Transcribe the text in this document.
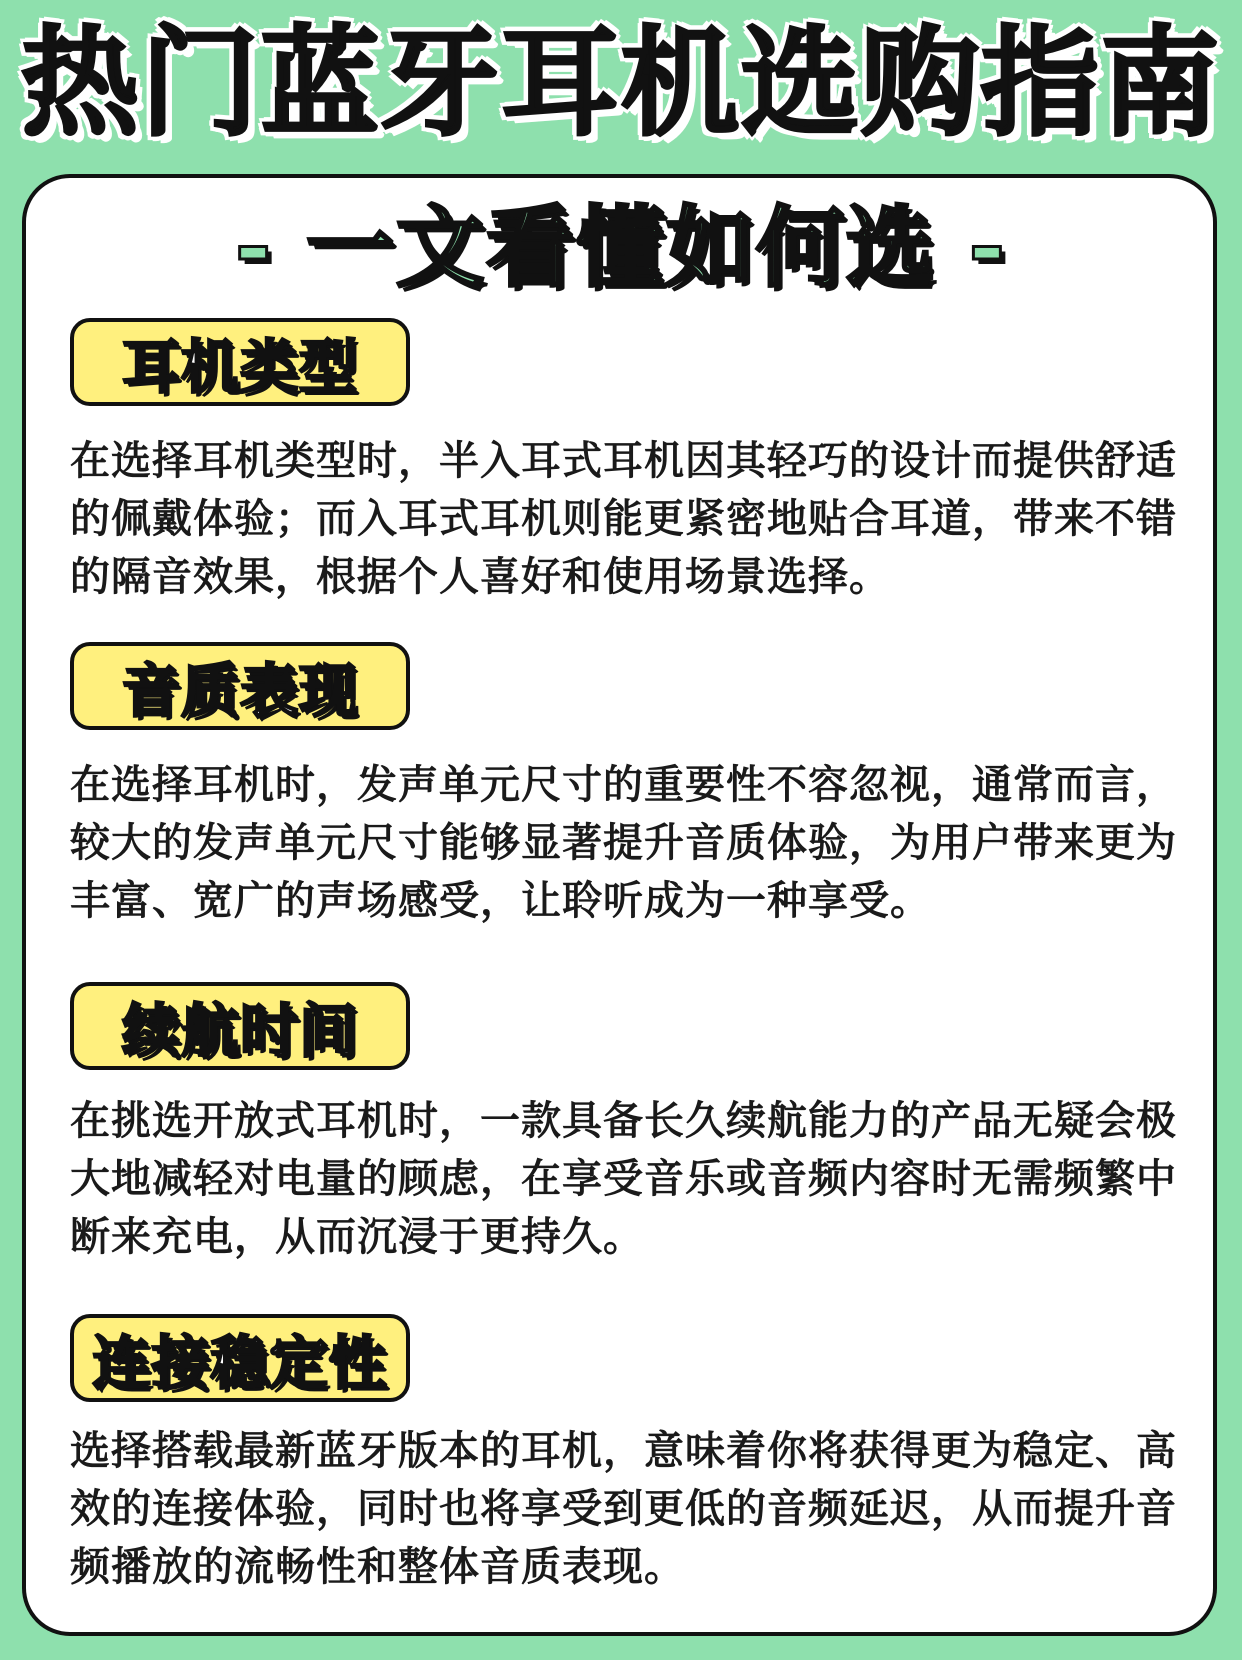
热门蓝牙耳机选购指南
- 一文看懂如何选 -
耳机类型

在选择耳机类型时，半入耳式耳机因其轻巧的设计而提供舒适的佩戴体验；而入耳式耳机则能更紧密地贴合耳道，带来不错的隔音效果，根据个人喜好和使用场景选择。

音质表现

在选择耳机时，发声单元尺寸的重要性不容忽视，通常而言，较大的发声单元尺寸能够显著提升音质体验，为用户带来更为丰富、宽广的声场感受，让聆听成为一种享受。

续航时间

在挑选开放式耳机时，一款具备长久续航能力的产品无疑会极大地减轻对电量的顾虑，在享受音乐或音频内容时无需频繁中断来充电，从而沉浸于更持久。

连接稳定性

选择搭载最新蓝牙版本的耳机，意味着你将获得更为稳定、高效的连接体验，同时也将享受到更低的音频延迟，从而提升音频播放的流畅性和整体音质表现。
